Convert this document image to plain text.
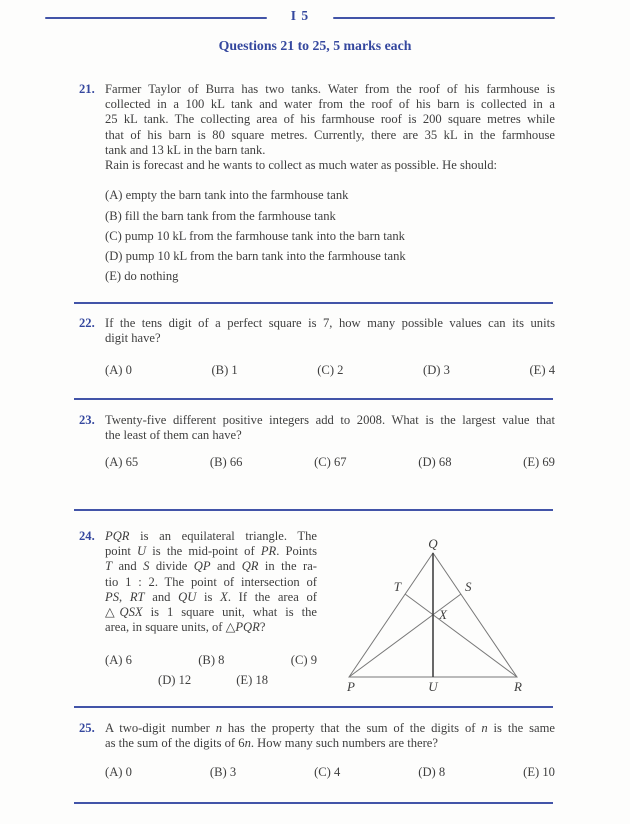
I 5
Questions 21 to 25, 5 marks each
21. Farmer Taylor of Burra has two tanks. Water from the roof of his farmhouse is
collected in a 100 kL tank and water from the roof of his barn is collected in a
25 kL tank. The collecting area of his farmhouse roof is 200 square metres while
that of his barn is 80 square metres. Currently, there are 35 kL in the farmhouse
tank and 13 kL in the barn tank.
Rain is forecast and he wants to collect as much water as possible. He should:
(A) empty the barn tank into the farmhouse tank
(B) fill the barn tank from the farmhouse tank
(C) pump 10 kL from the farmhouse tank into the barn tank
(D) pump 10 kL from the barn tank into the farmhouse tank
(E) do nothing
22. If the tens digit of a perfect square is 7, how many possible values can its units
digit have?
(A) 0	(B) 1	(C) 2	(D) 3	(E) 4
23. Twenty-five different positive integers add to 2008. What is the largest value that
the least of them can have?
(A) 65	(B) 66	(C) 67	(D) 68	(E) 69
24. PQR is an equilateral triangle. The
point U is the mid-point of PR. Points
T and S divide QP and QR in the ra-
tio 1 : 2. The point of intersection of
PS, RT and QU is X. If the area of
△QSX is 1 square unit, what is the
area, in square units, of △PQR?
(A) 6	(B) 8	(C) 9
(D) 12	(E) 18
Q
P	R
U
T	S
X
25. A two-digit number n has the property that the sum of the digits of n is the same
as the sum of the digits of 6n. How many such numbers are there?
(A) 0	(B) 3	(C) 4	(D) 8	(E) 10
